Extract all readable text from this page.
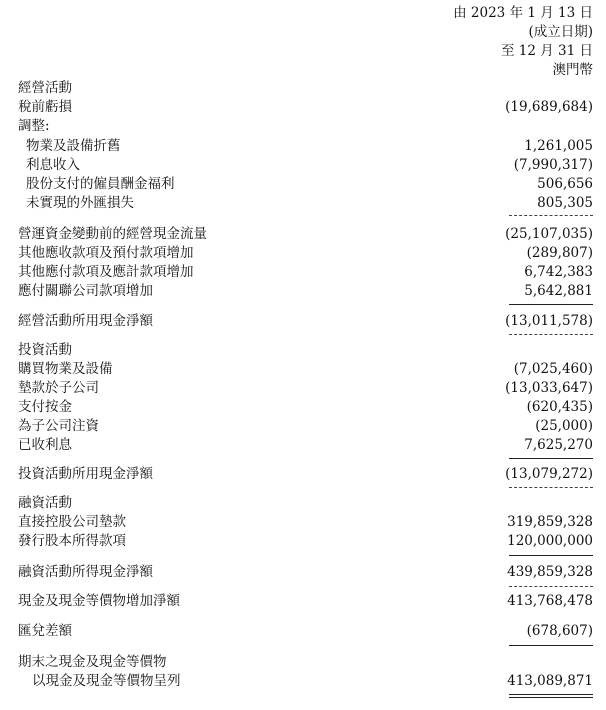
由 2023 年 1 月 13 日
(成立日期)
至 12 月 31 日
澳門幣
經營活動
稅前虧損	(19,689,684)
調整:
物業及設備折舊	1,261,005
利息收入	(7,990,317)
股份支付的僱員酬金福利	506,656
未實現的外匯損失	805,305
營運資金變動前的經營現金流量	(25,107,035)
其他應收款項及預付款項增加	(289,807)
其他應付款項及應計款項增加	6,742,383
應付關聯公司款項增加	5,642,881
經營活動所用現金淨額	(13,011,578)
投資活動
購買物業及設備	(7,025,460)
墊款於子公司	(13,033,647)
支付按金	(620,435)
為子公司注資	(25,000)
已收利息	7,625,270
投資活動所用現金淨額	(13,079,272)
融資活動
直接控股公司墊款	319,859,328
發行股本所得款項	120,000,000
融資活動所得現金淨額	439,859,328
現金及現金等價物增加淨額	413,768,478
匯兌差額	(678,607)
期末之現金及現金等價物
以現金及現金等價物呈列	413,089,871
